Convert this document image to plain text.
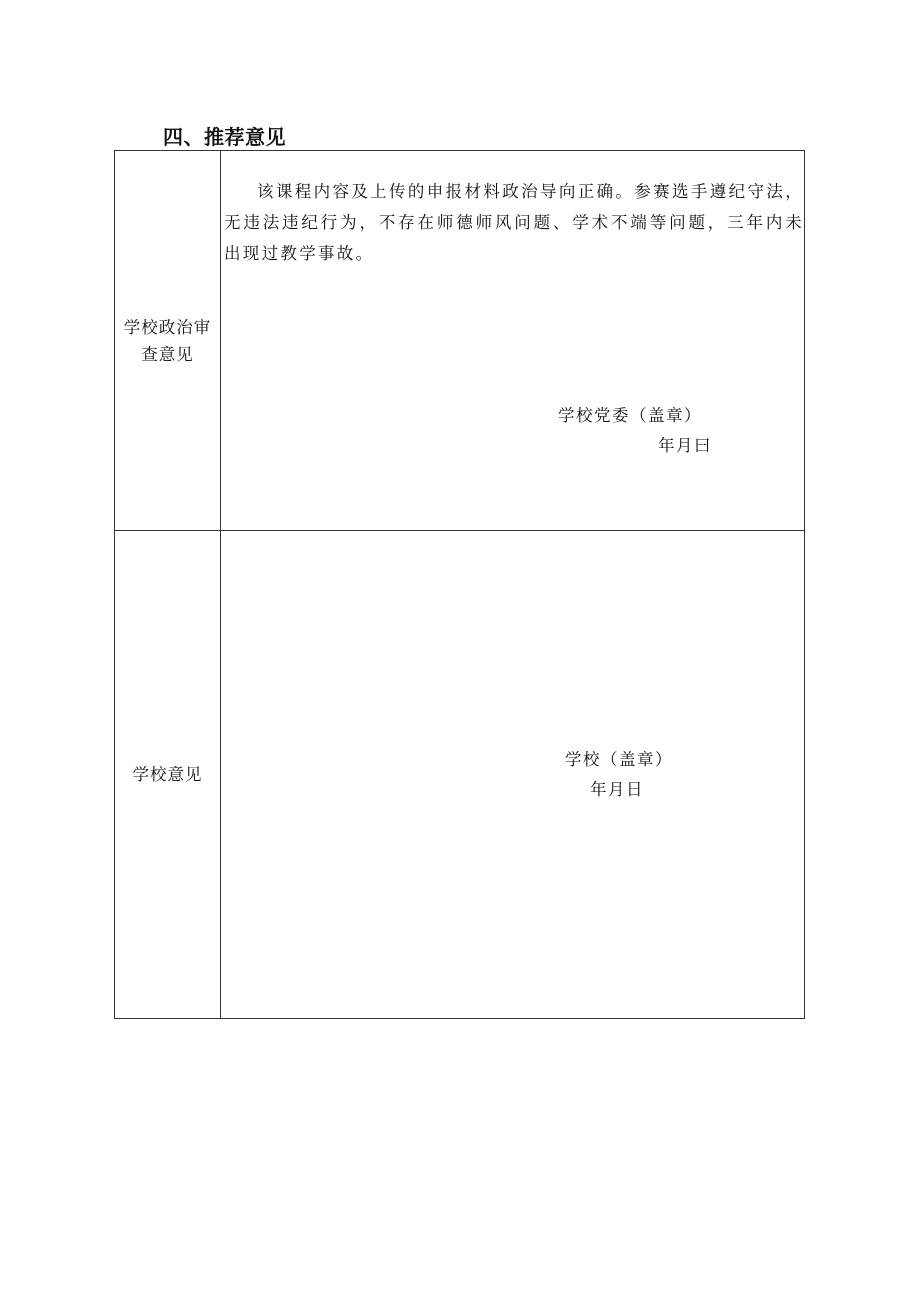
四、推荐意见
学校政治审查意见

该课程内容及上传的申报材料政治导向正确。参赛选手遵纪守法，无违法违纪行为，不存在师德师风问题、学术不端等问题，三年内未出现过教学事故。

学校党委（盖章）
年月曰
学校意见
学校（盖章）
年月日
